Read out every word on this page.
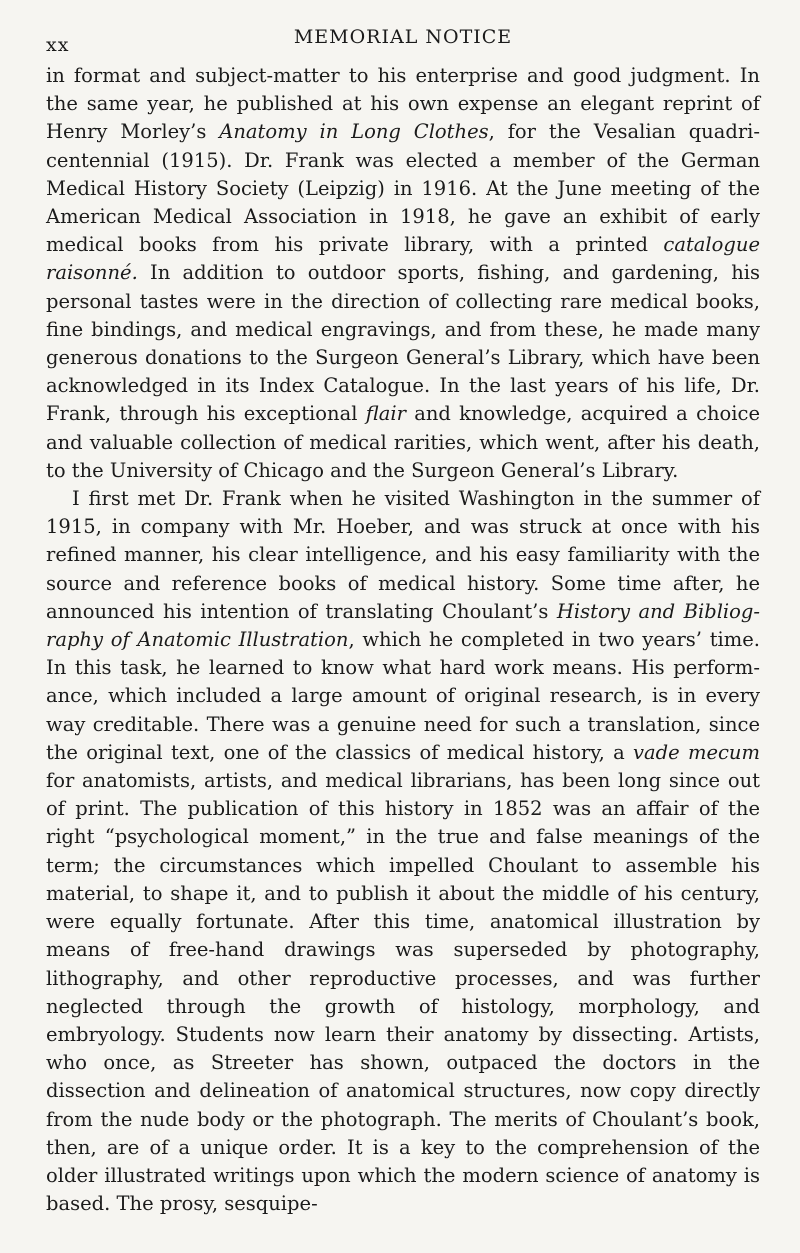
xx	MEMORIAL NOTICE

in format and subject-matter to his enterprise and good judgment. In the same year, he published at his own expense an elegant reprint of Henry Morley’s Anatomy in Long Clothes, for the Vesalian quadricentennial (1915). Dr. Frank was elected a member of the German Medical History Society (Leipzig) in 1916. At the June meeting of the American Medical Association in 1918, he gave an exhibit of early medical books from his private library, with a printed catalogue raisonné. In addition to outdoor sports, fishing, and gardening, his personal tastes were in the direction of collecting rare medical books, fine bindings, and medical engravings, and from these, he made many generous donations to the Surgeon General’s Library, which have been acknowledged in its Index Catalogue. In the last years of his life, Dr. Frank, through his exceptional flair and knowledge, acquired a choice and valuable collection of medical rarities, which went, after his death, to the University of Chicago and the Surgeon General’s Library.

I first met Dr. Frank when he visited Washington in the summer of 1915, in company with Mr. Hoeber, and was struck at once with his refined manner, his clear intelligence, and his easy familiarity with the source and reference books of medical history. Some time after, he announced his intention of translating Choulant’s History and Bibliography of Anatomic Illustration, which he completed in two years’ time. In this task, he learned to know what hard work means. His performance, which included a large amount of original research, is in every way creditable. There was a genuine need for such a translation, since the original text, one of the classics of medical history, a vade mecum for anatomists, artists, and medical librarians, has been long since out of print. The publication of this history in 1852 was an affair of the right “psychological moment,” in the true and false meanings of the term; the circumstances which impelled Choulant to assemble his material, to shape it, and to publish it about the middle of his century, were equally fortunate. After this time, anatomical illustration by means of free-hand drawings was superseded by photography, lithography, and other reproductive processes, and was further neglected through the growth of histology, morphology, and embryology. Students now learn their anatomy by dissecting. Artists, who once, as Streeter has shown, outpaced the doctors in the dissection and delineation of anatomical structures, now copy directly from the nude body or the photograph. The merits of Choulant’s book, then, are of a unique order. It is a key to the comprehension of the older illustrated writings upon which the modern science of anatomy is based. The prosy, sesquipe-
